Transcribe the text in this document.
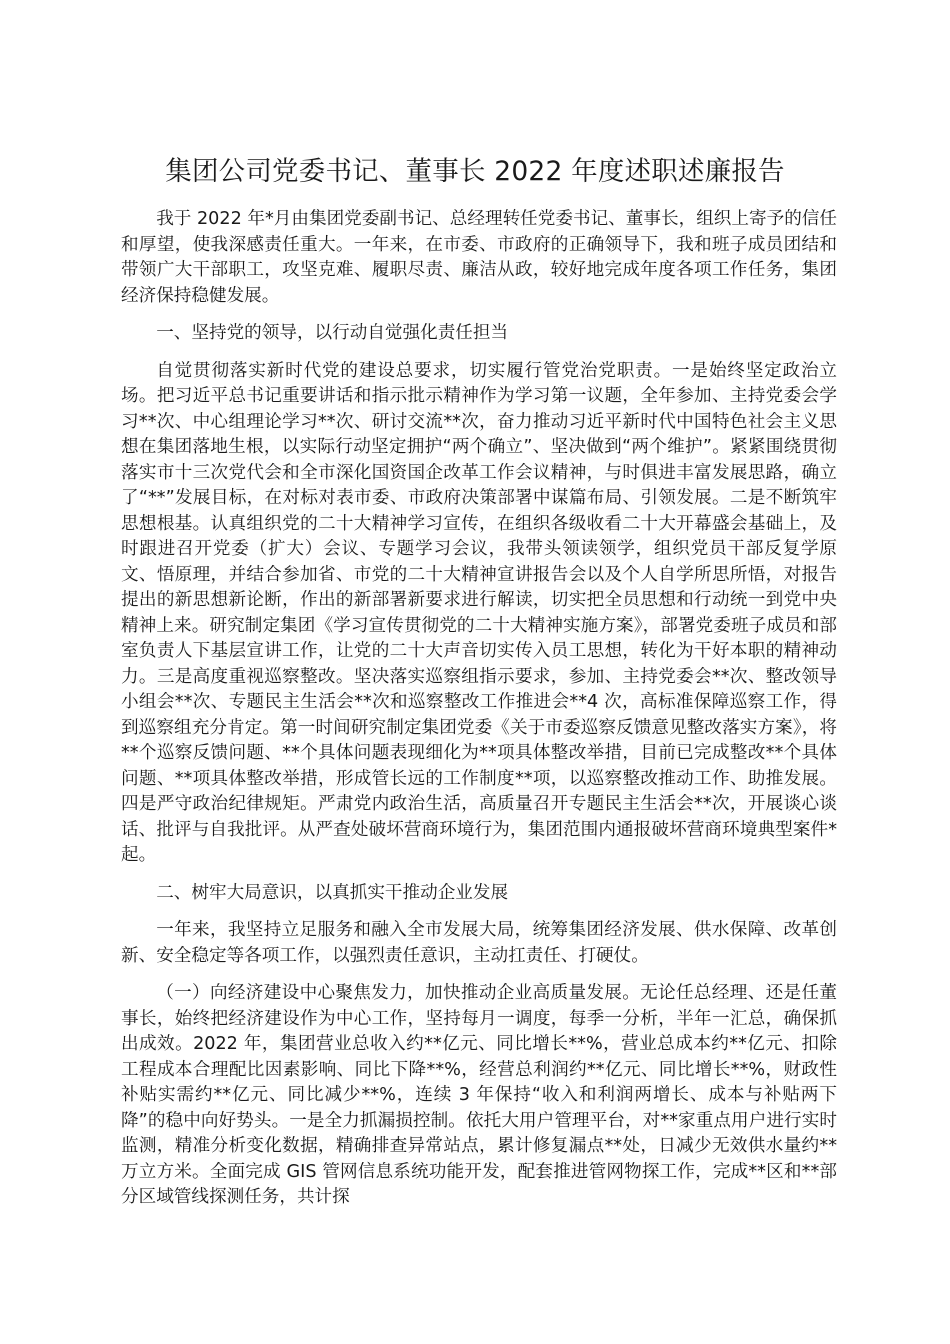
集团公司党委书记、董事长 2022 年度述职述廉报告

我于 2022 年*月由集团党委副书记、总经理转任党委书记、董事长，组织上寄予的信任和厚望，使我深感责任重大。一年来，在市委、市政府的正确领导下，我和班子成员团结和带领广大干部职工，攻坚克难、履职尽责、廉洁从政，较好地完成年度各项工作任务，集团经济保持稳健发展。

一、坚持党的领导，以行动自觉强化责任担当

自觉贯彻落实新时代党的建设总要求，切实履行管党治党职责。一是始终坚定政治立场。把习近平总书记重要讲话和指示批示精神作为学习第一议题，全年参加、主持党委会学习**次、中心组理论学习**次、研讨交流**次，奋力推动习近平新时代中国特色社会主义思想在集团落地生根，以实际行动坚定拥护“两个确立”、坚决做到“两个维护”。紧紧围绕贯彻落实市十三次党代会和全市深化国资国企改革工作会议精神，与时俱进丰富发展思路，确立了“**”发展目标，在对标对表市委、市政府决策部署中谋篇布局、引领发展。二是不断筑牢思想根基。认真组织党的二十大精神学习宣传，在组织各级收看二十大开幕盛会基础上，及时跟进召开党委（扩大）会议、专题学习会议，我带头领读领学，组织党员干部反复学原文、悟原理，并结合参加省、市党的二十大精神宣讲报告会以及个人自学所思所悟，对报告提出的新思想新论断，作出的新部署新要求进行解读，切实把全员思想和行动统一到党中央精神上来。研究制定集团《学习宣传贯彻党的二十大精神实施方案》，部署党委班子成员和部室负责人下基层宣讲工作，让党的二十大声音切实传入员工思想，转化为干好本职的精神动力。三是高度重视巡察整改。坚决落实巡察组指示要求，参加、主持党委会**次、整改领导小组会**次、专题民主生活会**次和巡察整改工作推进会**4 次，高标准保障巡察工作，得到巡察组充分肯定。第一时间研究制定集团党委《关于市委巡察反馈意见整改落实方案》，将**个巡察反馈问题、**个具体问题表现细化为**项具体整改举措，目前已完成整改**个具体问题、**项具体整改举措，形成管长远的工作制度**项，以巡察整改推动工作、助推发展。四是严守政治纪律规矩。严肃党内政治生活，高质量召开专题民主生活会**次，开展谈心谈话、批评与自我批评。从严查处破坏营商环境行为，集团范围内通报破坏营商环境典型案件*起。

二、树牢大局意识，以真抓实干推动企业发展

一年来，我坚持立足服务和融入全市发展大局，统筹集团经济发展、供水保障、改革创新、安全稳定等各项工作，以强烈责任意识，主动扛责任、打硬仗。

（一）向经济建设中心聚焦发力，加快推动企业高质量发展。无论任总经理、还是任董事长，始终把经济建设作为中心工作，坚持每月一调度，每季一分析，半年一汇总，确保抓出成效。2022 年，集团营业总收入约**亿元、同比增长**%，营业总成本约**亿元、扣除工程成本合理配比因素影响、同比下降**%，经营总利润约**亿元、同比增长**%，财政性补贴实需约**亿元、同比减少**%，连续 3 年保持“收入和利润两增长、成本与补贴两下降”的稳中向好势头。一是全力抓漏损控制。依托大用户管理平台，对**家重点用户进行实时监测，精准分析变化数据，精确排查异常站点，累计修复漏点**处，日减少无效供水量约**万立方米。全面完成 GIS 管网信息系统功能开发，配套推进管网物探工作，完成**区和**部分区域管线探测任务，共计探
